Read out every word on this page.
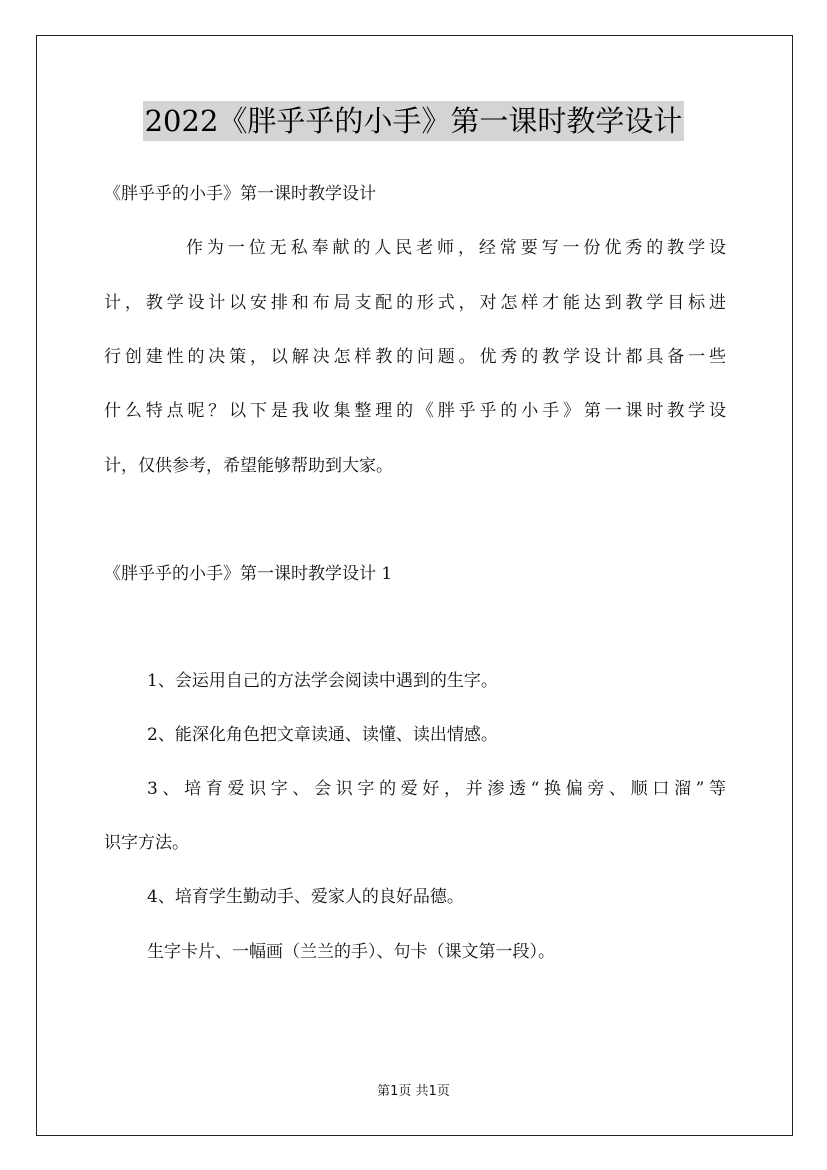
2022《胖乎乎的小手》第一课时教学设计
《胖乎乎的小手》第一课时教学设计
作为一位无私奉献的人民老师，经常要写一份优秀的教学设
计，教学设计以安排和布局支配的形式，对怎样才能达到教学目标进
行创建性的决策，以解决怎样教的问题。优秀的教学设计都具备一些
什么特点呢？以下是我收集整理的《胖乎乎的小手》第一课时教学设
计，仅供参考，希望能够帮助到大家。
《胖乎乎的小手》第一课时教学设计 1
1、会运用自己的方法学会阅读中遇到的生字。
2、能深化角色把文章读通、读懂、读出情感。
3、培育爱识字、会识字的爱好，并渗透“换偏旁、顺口溜”等
识字方法。
4、培育学生勤动手、爱家人的良好品德。
生字卡片、一幅画（兰兰的手）、句卡（课文第一段）。
第1页 共1页
